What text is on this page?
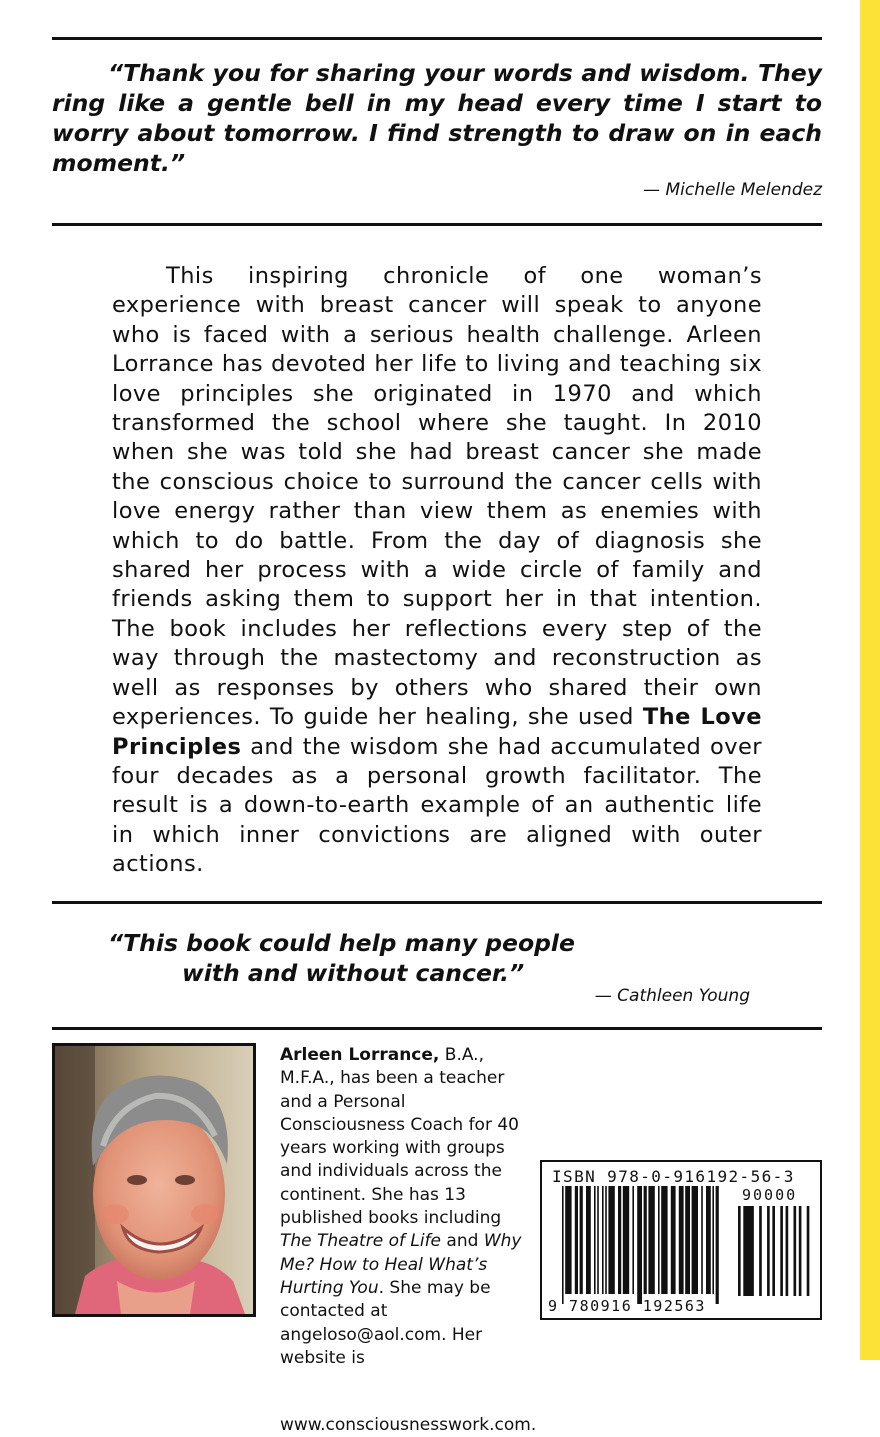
“Thank you for sharing your words and wisdom. They ring like a gentle bell in my head every time I start to worry about tomorrow. I find strength to draw on in each moment.”

— Michelle Melendez

This inspiring chronicle of one woman’s experience with breast cancer will speak to anyone who is faced with a serious health challenge. Arleen Lorrance has devoted her life to living and teaching six love principles she originated in 1970 and which transformed the school where she taught. In 2010 when she was told she had breast cancer she made the conscious choice to surround the cancer cells with love energy rather than view them as enemies with which to do battle. From the day of diagnosis she shared her process with a wide circle of family and friends asking them to support her in that intention. The book includes her reflections every step of the way through the mastectomy and reconstruction as well as responses by others who shared their own experiences. To guide her healing, she used The Love Principles and the wisdom she had accumulated over four decades as a personal growth facilitator. The result is a down-to-earth example of an authentic life in which inner convictions are aligned with outer actions.

“This book could help many people
with and without cancer.”

— Cathleen Young

Arleen Lorrance, B.A., M.F.A., has been a teacher and a Personal Consciousness Coach for 40 years working with groups and individuals across the continent. She has 13 published books including The Theatre of Life and Why Me? How to Heal What’s Hurting You. She may be contacted at angeloso@aol.com. Her website is www.consciousnesswork.com.

ISBN 978-0-916192-56-3
90000
9 780916 192563
